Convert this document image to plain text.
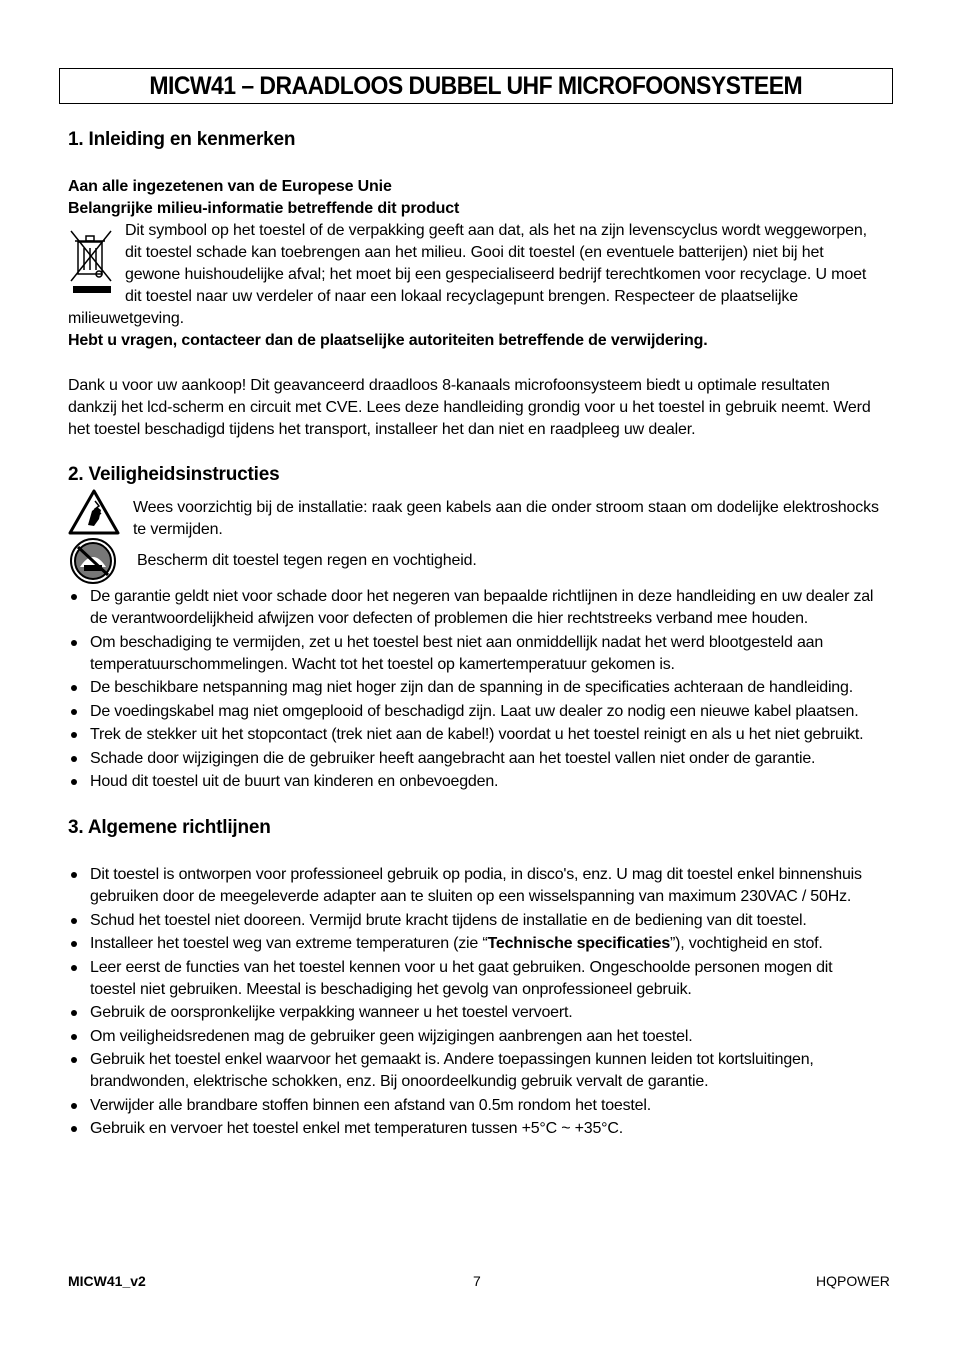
MICW41 – DRAADLOOS DUBBEL UHF MICROFOONSYSTEEM
1. Inleiding en kenmerken

Aan alle ingezetenen van de Europese Unie

Belangrijke milieu-informatie betreffende dit product

Dit symbool op het toestel of de verpakking geeft aan dat, als het na zijn levenscyclus wordt weggeworpen,

dit toestel schade kan toebrengen aan het milieu. Gooi dit toestel (en eventuele batterijen) niet bij het

gewone huishoudelijke afval; het moet bij een gespecialiseerd bedrijf terechtkomen voor recyclage. U moet

dit toestel naar uw verdeler of naar een lokaal recyclagepunt brengen. Respecteer de plaatselijke

milieuwetgeving.

Hebt u vragen, contacteer dan de plaatselijke autoriteiten betreffende de verwijdering.

Dank u voor uw aankoop! Dit geavanceerd draadloos 8-kanaals microfoonsysteem biedt u optimale resultaten

dankzij het lcd-scherm en circuit met CVE. Lees deze handleiding grondig voor u het toestel in gebruik neemt. Werd

het toestel beschadigd tijdens het transport, installeer het dan niet en raadpleeg uw dealer.

2. Veiligheidsinstructies

Wees voorzichtig bij de installatie: raak geen kabels aan die onder stroom staan om dodelijke elektroshocks

te vermijden.

Bescherm dit toestel tegen regen en vochtigheid.

De garantie geldt niet voor schade door het negeren van bepaalde richtlijnen in deze handleiding en uw dealer zal
de verantwoordelijkheid afwijzen voor defecten of problemen die hier rechtstreeks verband mee houden.
Om beschadiging te vermijden, zet u het toestel best niet aan onmiddellijk nadat het werd blootgesteld aan
temperatuurschommelingen. Wacht tot het toestel op kamertemperatuur gekomen is.
De beschikbare netspanning mag niet hoger zijn dan de spanning in de specificaties achteraan de handleiding.
De voedingskabel mag niet omgeplooid of beschadigd zijn. Laat uw dealer zo nodig een nieuwe kabel plaatsen.
Trek de stekker uit het stopcontact (trek niet aan de kabel!) voordat u het toestel reinigt en als u het niet gebruikt.
Schade door wijzigingen die de gebruiker heeft aangebracht aan het toestel vallen niet onder de garantie.
Houd dit toestel uit de buurt van kinderen en onbevoegden.
3. Algemene richtlijnen
Dit toestel is ontworpen voor professioneel gebruik op podia, in disco's, enz. U mag dit toestel enkel binnenshuis
gebruiken door de meegeleverde adapter aan te sluiten op een wisselspanning van maximum 230VAC / 50Hz.
Schud het toestel niet dooreen. Vermijd brute kracht tijdens de installatie en de bediening van dit toestel.
Installeer het toestel weg van extreme temperaturen (zie “Technische specificaties”), vochtigheid en stof.
Leer eerst de functies van het toestel kennen voor u het gaat gebruiken. Ongeschoolde personen mogen dit
toestel niet gebruiken. Meestal is beschadiging het gevolg van onprofessioneel gebruik.
Gebruik de oorspronkelijke verpakking wanneer u het toestel vervoert.
Om veiligheidsredenen mag de gebruiker geen wijzigingen aanbrengen aan het toestel.
Gebruik het toestel enkel waarvoor het gemaakt is. Andere toepassingen kunnen leiden tot kortsluitingen,
brandwonden, elektrische schokken, enz. Bij onoordeelkundig gebruik vervalt de garantie.
Verwijder alle brandbare stoffen binnen een afstand van 0.5m rondom het toestel.
Gebruik en vervoer het toestel enkel met temperaturen tussen +5°C ~ +35°C.
MICW41_v2	7	HQPOWER
